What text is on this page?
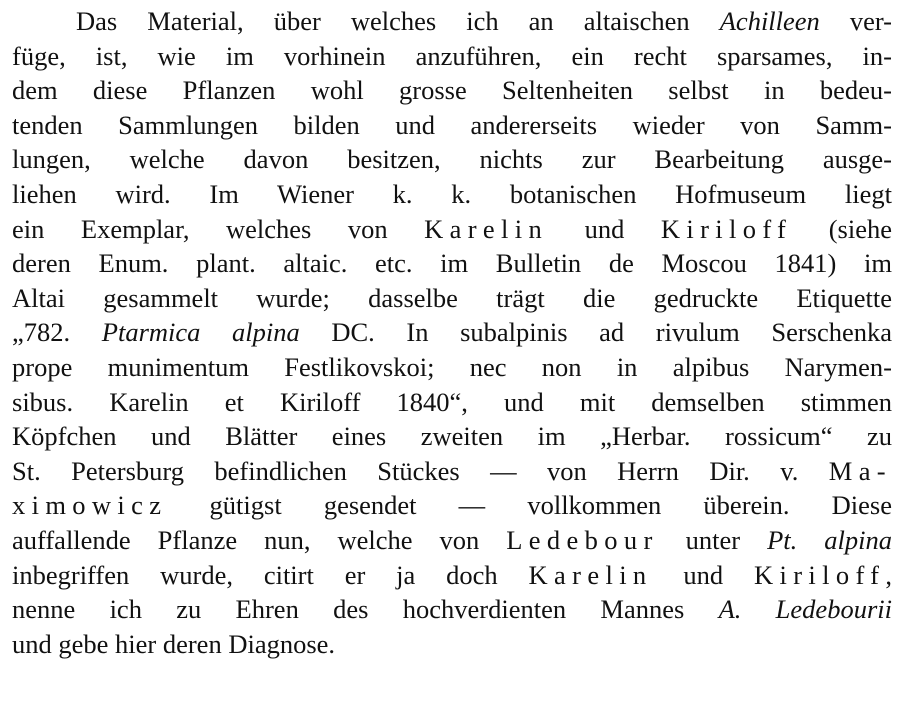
Das Material, über welches ich an altaischen Achilleen ver-
füge, ist, wie im vorhinein anzuführen, ein recht sparsames, in-
dem diese Pflanzen wohl grosse Seltenheiten selbst in bedeu-
tenden Sammlungen bilden und andererseits wieder von Samm-
lungen, welche davon besitzen, nichts zur Bearbeitung ausge-
liehen wird. Im Wiener k. k. botanischen Hofmuseum liegt
ein Exemplar, welches von Karelin und Kiriloff (siehe
deren Enum. plant. altaic. etc. im Bulletin de Moscou 1841) im
Altai gesammelt wurde; dasselbe trägt die gedruckte Etiquette
„782. Ptarmica alpina DC. In subalpinis ad rivulum Serschenka
prope munimentum Festlikovskoi; nec non in alpibus Narymen-
sibus. Karelin et Kiriloff 1840“, und mit demselben stimmen
Köpfchen und Blätter eines zweiten im „Herbar. rossicum“ zu
St. Petersburg befindlichen Stückes — von Herrn Dir. v. Ma-
ximowicz gütigst gesendet — vollkommen überein. Diese
auffallende Pflanze nun, welche von Ledebour unter Pt. alpina
inbegriffen wurde, citirt er ja doch Karelin und Kiriloff,
nenne ich zu Ehren des hochverdienten Mannes A. Ledebourii
und gebe hier deren Diagnose.
